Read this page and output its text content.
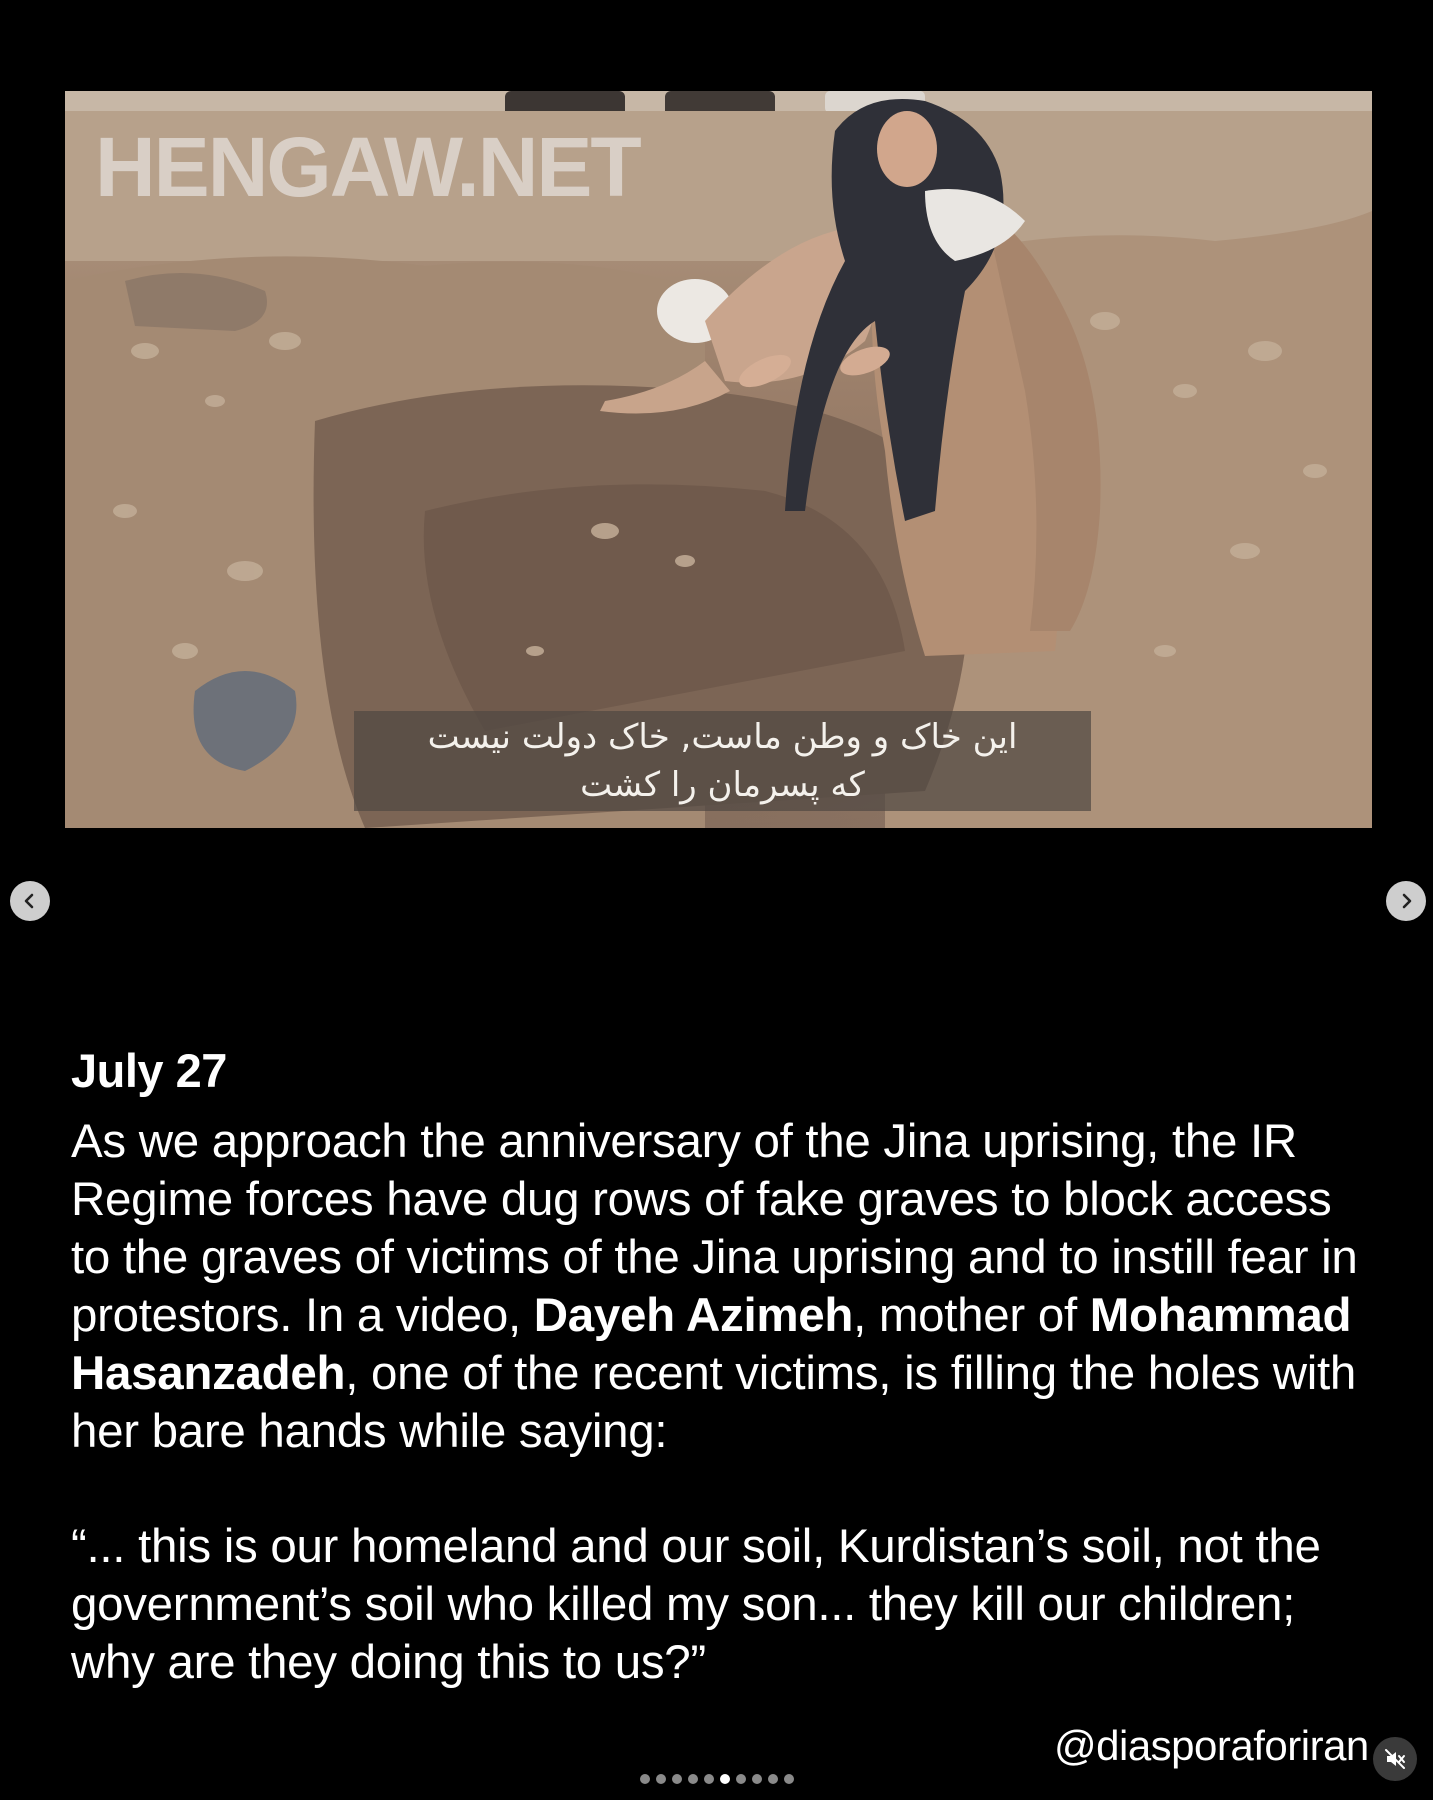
HENGAW.NET
این خاک و وطن ماست, خاک دولت نیست
که پسرمان را کشت
July 27
As we approach the anniversary of the Jina uprising, the IR Regime forces have dug rows of fake graves to block access to the graves of victims of the Jina uprising and to instill fear in protestors. In a video, Dayeh Azimeh, mother of Mohammad Hasanzadeh, one of the recent victims, is filling the holes with her bare hands while saying:
“... this is our homeland and our soil, Kurdistan’s soil, not the government’s soil who killed my son... they kill our children; why are they doing this to us?”
@diasporaforiran
